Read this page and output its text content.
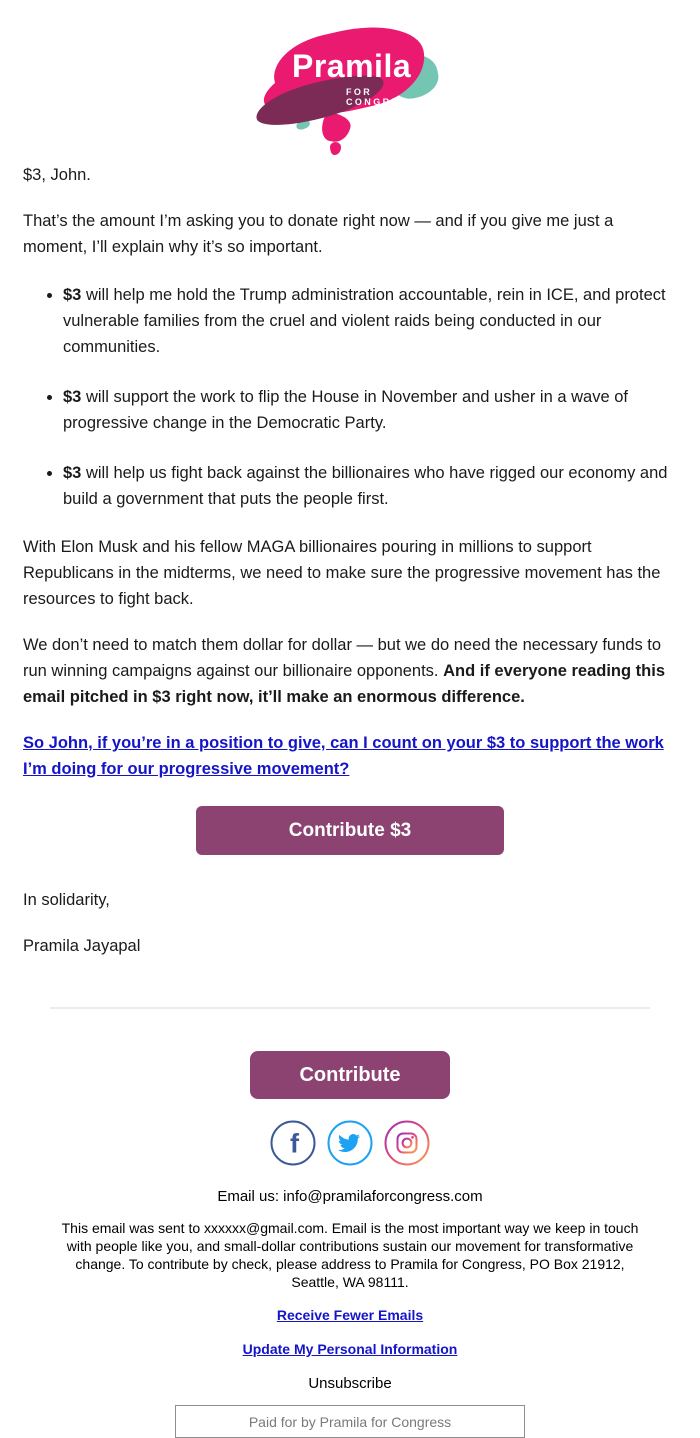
Pramila
FOR CONGRESS

$3, John.

That’s the amount I’m asking you to donate right now — and if you give me just a moment, I’ll explain why it’s so important.

• $3 will help me hold the Trump administration accountable, rein in ICE, and protect vulnerable families from the cruel and violent raids being conducted in our communities.
• $3 will support the work to flip the House in November and usher in a wave of progressive change in the Democratic Party.
• $3 will help us fight back against the billionaires who have rigged our economy and build a government that puts the people first.

With Elon Musk and his fellow MAGA billionaires pouring in millions to support Republicans in the midterms, we need to make sure the progressive movement has the resources to fight back.

We don’t need to match them dollar for dollar — but we do need the necessary funds to run winning campaigns against our billionaire opponents. And if everyone reading this email pitched in $3 right now, it’ll make an enormous difference.

So John, if you’re in a position to give, can I count on your $3 to support the work I’m doing for our progressive movement?

Contribute $3

In solidarity,

Pramila Jayapal

Contribute
f

Email us: info@pramilaforcongress.com

This email was sent to xxxxxx@gmail.com. Email is the most important way we keep in touch with people like you, and small-dollar contributions sustain our movement for transformative change. To contribute by check, please address to Pramila for Congress, PO Box 21912, Seattle, WA 98111.

Receive Fewer Emails

Update My Personal Information

Unsubscribe

Paid for by Pramila for Congress
